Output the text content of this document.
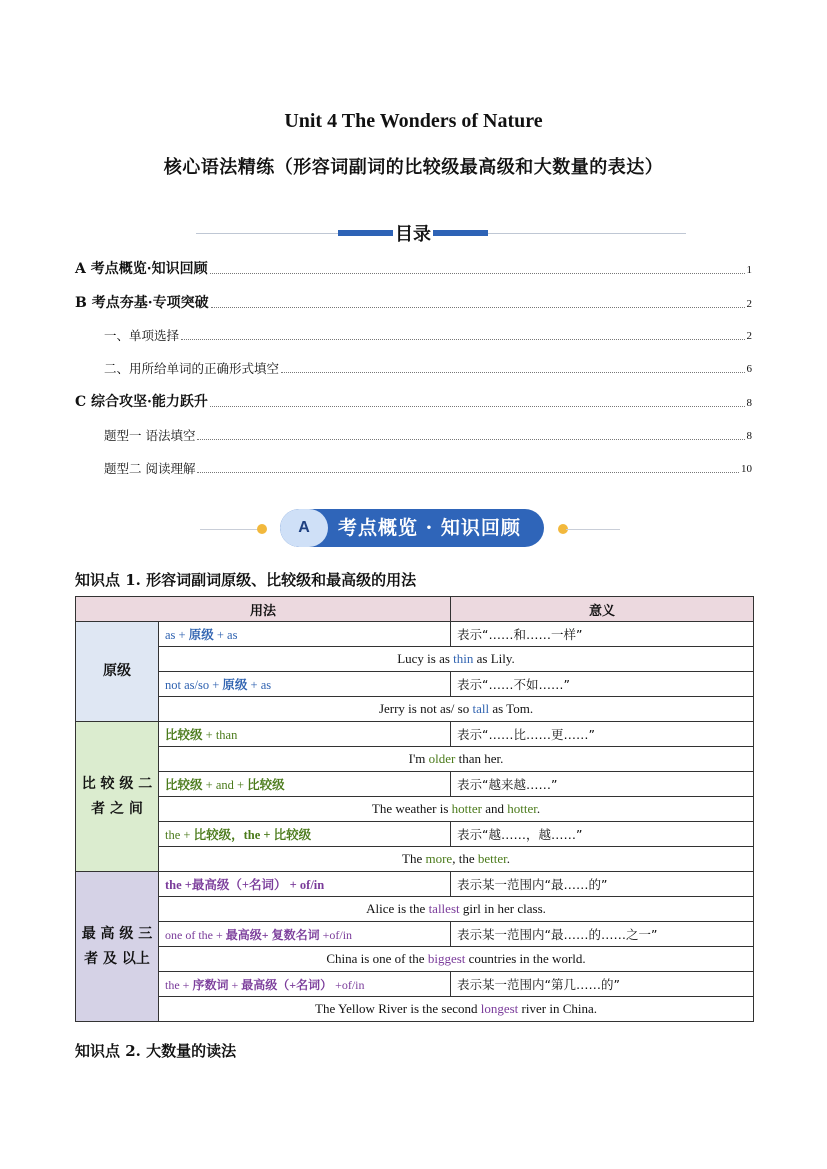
Unit 4 The Wonders of Nature
核心语法精练（形容词副词的比较级最高级和大数量的表达）
目录
A 考点概览·知识回顾	1
B 考点夯基·专项突破	2
一、单项选择	2
二、用所给单词的正确形式填空	6
C 综合攻坚·能力跃升	8
题型一 语法填空	8
题型二 阅读理解	10
A	考点概览 · 知识回顾
知识点 1. 形容词副词原级、比较级和最高级的用法
用法		意义
原级	as + 原级 + as	表示“……和……一样”
	Lucy is as thin as Lily.	
	not as/so + 原级 + as	表示“……不如……”
	Jerry is not as/ so tall as Tom.	
比 较 级 二 者 之 间	比较级 + than	表示“……比……更……”
	I'm older than her.	
	比较级 + and + 比较级	表示“越来越……”
	The weather is hotter and hotter.	
	the + 比较级，the + 比较级	表示“越……，越……”
	The more, the better.	
最 高 级 三 者 及 以上	the +最高级（+名词） + of/in	表示某一范围内“最……的”
	Alice is the tallest girl in her class.	
	one of the + 最高级+ 复数名词 +of/in	表示某一范围内“最……的……之一”
	China is one of the biggest countries in the world.	
	the + 序数词 + 最高级（+名词） +of/in	表示某一范围内“第几……的”
	The Yellow River is the second longest river in China.	
知识点 2. 大数量的读法
